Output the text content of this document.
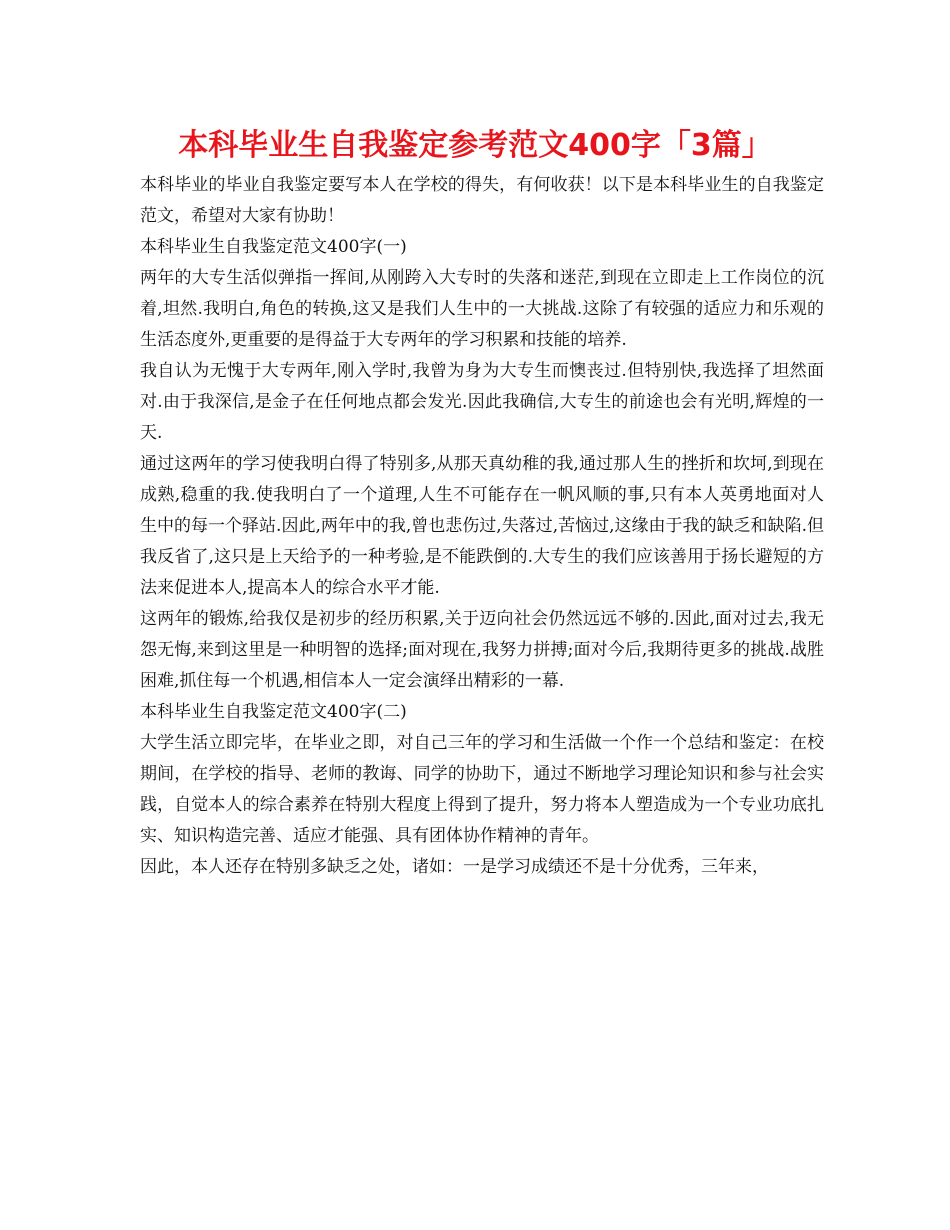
本科毕业生自我鉴定参考范文400字「3篇」

本科毕业的毕业自我鉴定要写本人在学校的得失，有何收获！以下是本科毕业生的自我鉴定范文，希望对大家有协助！

本科毕业生自我鉴定范文400字(一)

两年的大专生活似弹指一挥间,从刚跨入大专时的失落和迷茫,到现在立即走上工作岗位的沉着,坦然.我明白,角色的转换,这又是我们人生中的一大挑战.这除了有较强的适应力和乐观的生活态度外,更重要的是得益于大专两年的学习积累和技能的培养.

我自认为无愧于大专两年,刚入学时,我曾为身为大专生而懊丧过.但特别快,我选择了坦然面对.由于我深信,是金子在任何地点都会发光.因此我确信,大专生的前途也会有光明,辉煌的一天.

通过这两年的学习使我明白得了特别多,从那天真幼稚的我,通过那人生的挫折和坎坷,到现在成熟,稳重的我.使我明白了一个道理,人生不可能存在一帆风顺的事,只有本人英勇地面对人生中的每一个驿站.因此,两年中的我,曾也悲伤过,失落过,苦恼过,这缘由于我的缺乏和缺陷.但我反省了,这只是上天给予的一种考验,是不能跌倒的.大专生的我们应该善用于扬长避短的方法来促进本人,提高本人的综合水平才能.

这两年的锻炼,给我仅是初步的经历积累,关于迈向社会仍然远远不够的.因此,面对过去,我无怨无悔,来到这里是一种明智的选择;面对现在,我努力拼搏;面对今后,我期待更多的挑战.战胜困难,抓住每一个机遇,相信本人一定会演绎出精彩的一幕.

本科毕业生自我鉴定范文400字(二)

大学生活立即完毕，在毕业之即，对自己三年的学习和生活做一个作一个总结和鉴定：在校期间，在学校的指导、老师的教诲、同学的协助下，通过不断地学习理论知识和参与社会实践，自觉本人的综合素养在特别大程度上得到了提升，努力将本人塑造成为一个专业功底扎实、知识构造完善、适应才能强、具有团体协作精神的青年。

因此，本人还存在特别多缺乏之处，诸如：一是学习成绩还不是十分优秀，三年来，
